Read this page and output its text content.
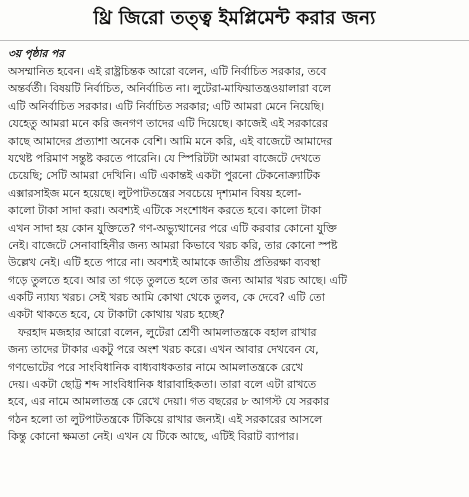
থ্রি জিরো তত্ত্ব ইমপ্লিমেন্ট করার জন্য
৩য় পৃষ্ঠার পর
অসম্মানিত হবেন। এই রাষ্ট্রচিন্তক আরো বলেন, এটি নির্বাচিত সরকার, তবে
অন্তর্বর্তী। বিষয়টি নির্বাচিত, অনির্বাচিত না। লুটেরা-মাফিয়াতন্ত্রওয়ালারা বলে
এটি অনির্বাচিত সরকার। এটি নির্বাচিত সরকার; এটি আমরা মেনে নিয়েছি।
যেহেতু আমরা মনে করি জনগণ তাদের এটি দিয়েছে। কাজেই এই সরকারের
কাছে আমাদের প্রত্যাশা অনেক বেশি। আমি মনে করি, এই বাজেটে আমাদের
যথেষ্ট পরিমাণ সন্তুষ্ট করতে পারেনি। যে স্পিরিটটা আমরা বাজেটে দেখতে
চেয়েছি; সেটি আমরা দেখিনি। এটি একান্তই একটা পুরনো টেকনোক্র্যাটিক
এক্সারসাইজ মনে হয়েছে। লুটপাটতন্ত্রের সবচেয়ে দৃশ্যমান বিষয় হলো-
কালো টাকা সাদা করা। অবশ্যই এটিকে সংশোধন করতে হবে। কালো টাকা
এখন সাদা হয় কোন যুক্তিতে? গণ-অভ্যুত্থানের পরে এটি করবার কোনো যুক্তি
নেই। বাজেটে সেনাবাহিনীর জন্য আমরা কিভাবে খরচ করি, তার কোনো স্পষ্ট
উল্লেখ নেই। এটি হতে পারে না। অবশ্যই আমাকে জাতীয় প্রতিরক্ষা ব্যবস্থা
গড়ে তুলতে হবে। আর তা গড়ে তুলতে হলে তার জন্য আমার খরচ আছে। এটি
একটি ন্যায্য খরচ। সেই খরচ আমি কোথা থেকে তুলব, কে দেবে? এটি তো
একটা থাকতে হবে, যে টাকাটা কোথায় খরচ হচ্ছে?
ফরহাদ মজহার আরো বলেন, লুটেরা শ্রেণী আমলাতন্ত্রকে বহাল রাখার
জন্য তাদের টাকার একটু পরে অংশ খরচ করে। এখন আবার দেখবেন যে,
গণভোটের পরে সাংবিধানিক বাধ্যবাধকতার নামে আমলাতন্ত্রকে রেখে
দেয়। একটা ছোট্ট শব্দ সাংবিধানিক ধারাবাহিকতা। তারা বলে এটা রাখতে
হবে, এর নামে আমলাতন্ত্র কে রেখে দেয়া। গত বছরের ৮ আগস্ট যে সরকার
গঠন হলো তা লুটপাটতন্ত্রকে টিকিয়ে রাখার জন্যই। এই সরকারের আসলে
কিন্তু কোনো ক্ষমতা নেই। এখন যে টিকে আছে, এটিই বিরাট ব্যাপার।
